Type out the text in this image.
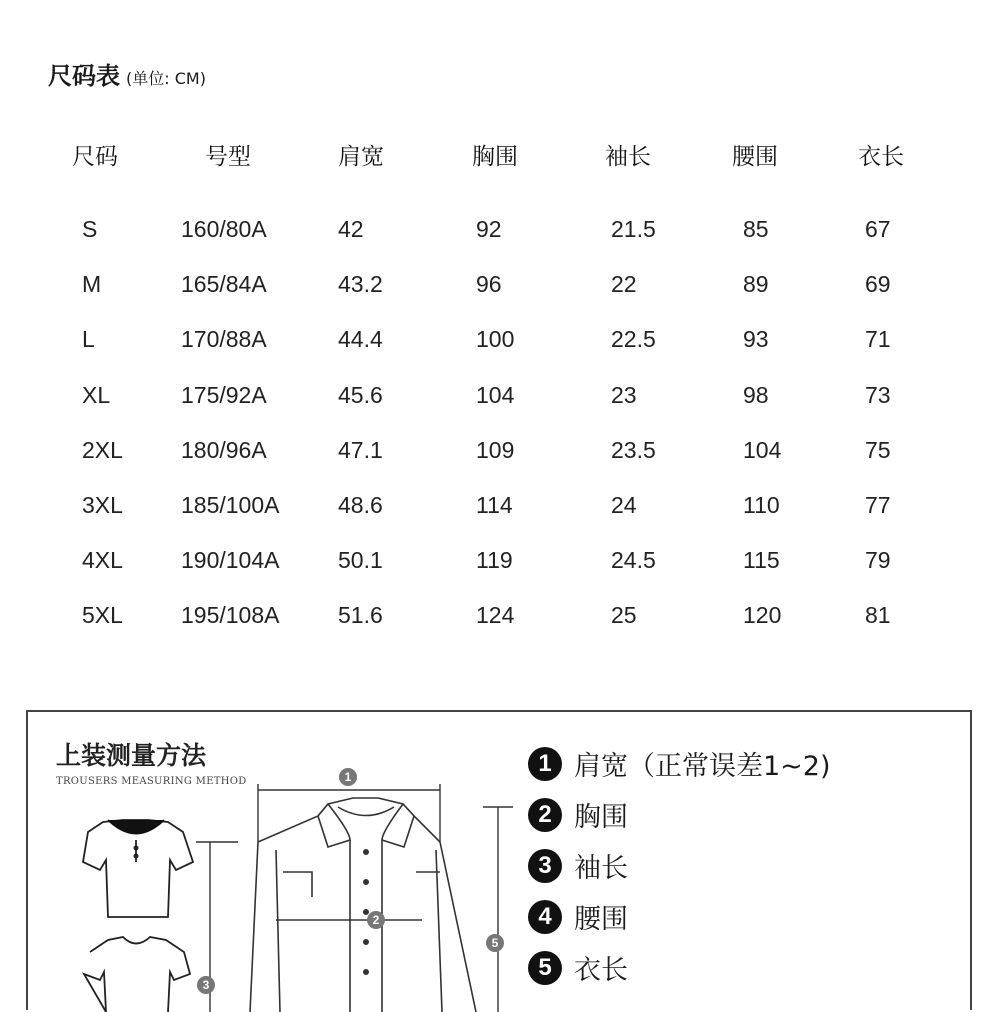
尺码表 (单位: CM)
尺码	号型	肩宽	胸围	袖长	腰围	衣长
S	160/80A	42	92	21.5	85	67
M	165/84A	43.2	96	22	89	69
L	170/88A	44.4	100	22.5	93	71
XL	175/92A	45.6	104	23	98	73
2XL	180/96A	47.1	109	23.5	104	75
3XL	185/100A	48.6	114	24	110	77
4XL	190/104A	50.1	119	24.5	115	79
5XL	195/108A	51.6	124	25	120	81
上装测量方法
TROUSERS MEASURING METHOD	1
2
3
5
1 肩宽（正常误差1~2)
2 胸围
3 袖长
4 腰围
5 衣长
